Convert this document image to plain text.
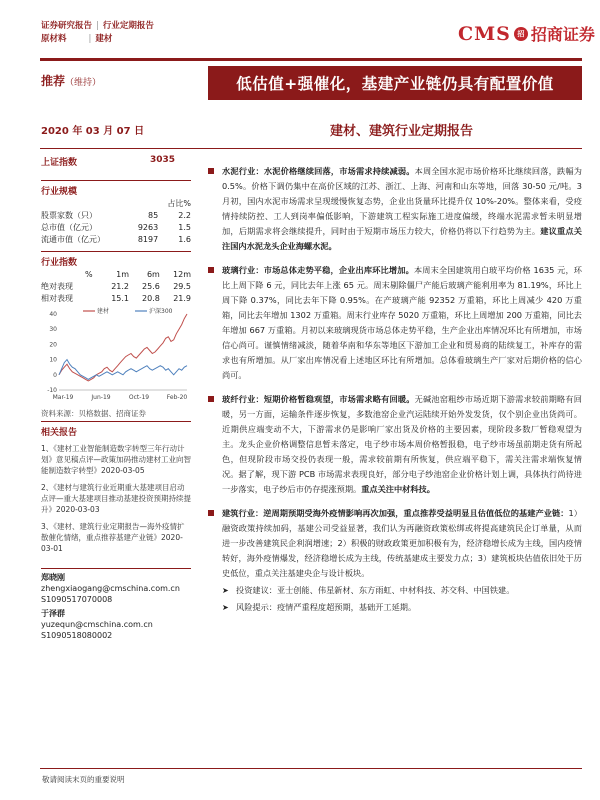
证券研究报告 | 行业定期报告
原材料	| 建材	CMS 招 招商证券
推荐（维持）	低估值+强催化，基建产业链仍具有配置价值
2020 年 03 月 07 日	建材、建筑行业定期报告
上证指数	3035
行业规模
		占比%
股票家数（只）	85	2.2
总市值（亿元）	9263	1.5
流通市值（亿元）	8197	1.6
行业指数
	%	1m	6m	12m
绝对表现		21.2	25.6	29.5
相对表现		15.1	20.8	21.9
-10
0
10
20
30
40
Mar-19	Jun-19	Oct-19	Feb-20
建材	沪深300
资料来源：贝格数据、招商证券
相关报告

1、《建材工业智能制造数字转型三年行动计划》意见稿点评—政策加码推动建材工业向智能制造数字转型》2020-03-05

2、《建材与建筑行业近期重大基建项目启动点评—重大基建项目推动基建投资预期持续提升》2020-03-03

3、《建材、建筑行业定期报告—海外疫情扩散催化情绪，重点推荐基建产业链》2020-03-01

郑晓刚
zhengxiaogang@cmschina.com.cn
S1090517070008
于泽群
yuzequn@cmschina.com.cn
S1090518080002
水泥行业：水泥价格继续回落，市场需求持续减弱。本周全国水泥市场价格环比继续回落，跌幅为 0.5%。价格下调仍集中在高价区域的江苏、浙江、上海、河南和山东等地，回落 30-50 元/吨。3 月初，国内水泥市场需求呈现缓慢恢复态势，企业出货量环比提升仅 10%-20%。整体来看，受疫情持续防控、工人到岗率偏低影响，下游建筑工程实际施工进度偏缓，终端水泥需求暂未明显增加，后期需求将会继续提升，同时由于短期市场压力较大，价格仍将以下行趋势为主。建议重点关注国内水泥龙头企业海螺水泥。
玻璃行业：市场总体走势平稳，企业出库环比增加。本周末全国建筑用白玻平均价格 1635 元，环比上周下降 6 元，同比去年上涨 65 元。周末剔除僵尸产能后玻璃产能利用率为 81.19%，环比上周下降 0.37%，同比去年下降 0.95%。在产玻璃产能 92352 万重箱，环比上周减少 420 万重箱，同比去年增加 1302 万重箱。周末行业库存 5020 万重箱，环比上周增加 200 万重箱，同比去年增加 667 万重箱。月初以来玻璃现货市场总体走势平稳，生产企业出库情况环比有所增加，市场信心尚可。谨慎情绪减淡，随着华南和华东等地区下游加工企业和贸易商的陆续复工，补库存的需求也有所增加。从厂家出库情况看上述地区环比有所增加。总体看玻璃生产厂家对后期价格的信心尚可。
玻纤行业：短期价格暂稳观望，市场需求略有回暖。无碱池窑粗纱市场近期下游需求较前期略有回暖，另一方面，运输条件逐步恢复，多数池窑企业汽运陆续开始外发发货，仅个别企业出货尚可。近期供应端变动不大，下游需求仍是影响厂家出货及价格的主要因素，现阶段多数厂暂稳观望为主。龙头企业价格调整信息暂未落定，电子纱市场本周价格暂报稳，电子纱市场虽前期走货有所起色，但现阶段市场交投仍表现一般，需求较前期有所恢复，供应端平稳下，需关注需求端恢复情况。据了解，现下游 PCB 市场需求表现良好，部分电子纱池窑企业价格计划上调，具体执行尚待进一步落实，电子纱后市仍存提涨预期。重点关注中材科技。
建筑行业：逆周期预期受海外疫情影响再次加强，重点推荐受益明显且估值低位的基建产业链：1）融资政策持续加码，基建公司受益显著，我们认为再融资政策松绑或将提高建筑民企订单量，从而进一步改善建筑民企利润增速；2）积极的财政政策更加积极有为，经济稳增长成为主线，国内疫情转好，海外疫情爆发，经济稳增长成为主线，传统基建成主要发力点；3）建筑板块估值依旧处于历史低位，重点关注基建央企与设计板块。
➤ 投资建议：亚士创能、伟星新材、东方雨虹、中材科技、苏交科、中国铁建。
➤ 风险提示：疫情严重程度超预期，基础开工延期。
敬请阅读末页的重要说明
